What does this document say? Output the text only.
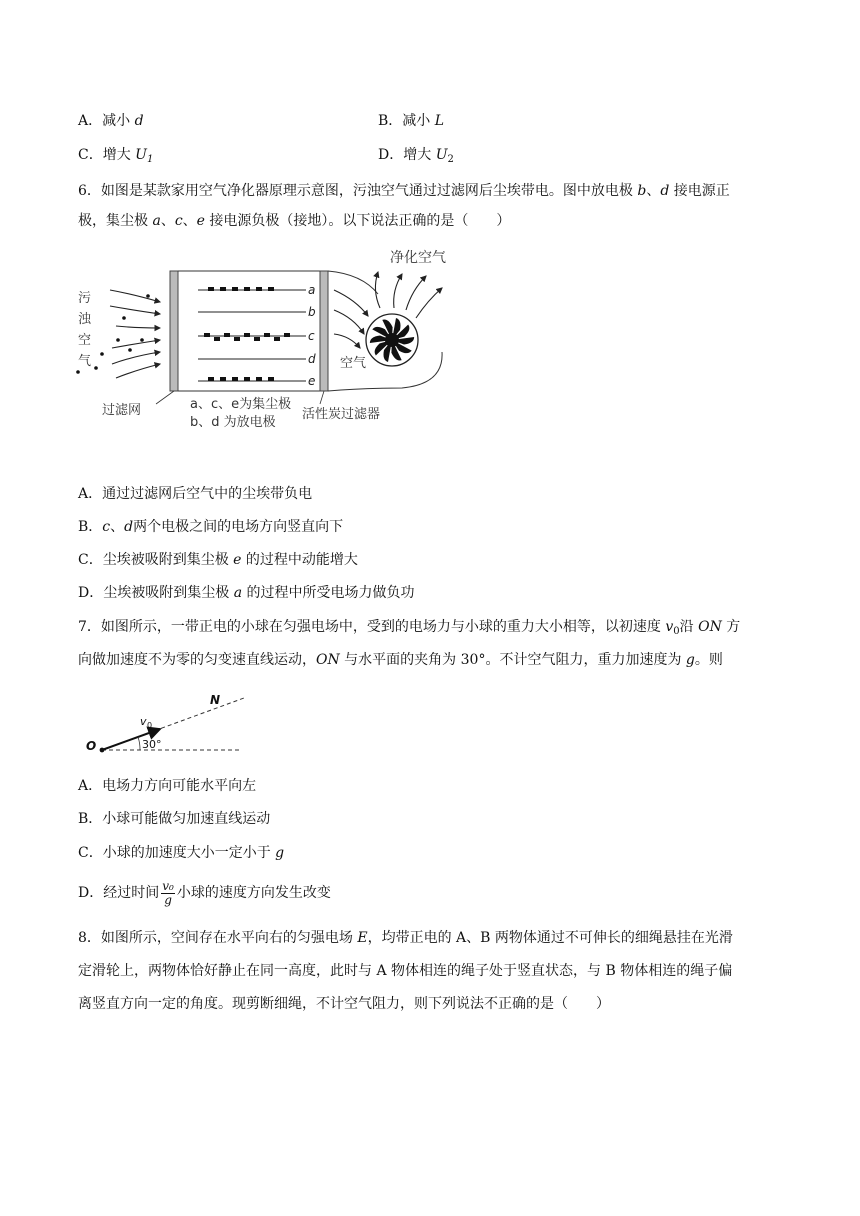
A．减小 d	B．减小 L
C．增大 $U_1$	D．增大 $U_2$
6．如图是某款家用空气净化器原理示意图，污浊空气通过过滤网后尘埃带电。图中放电极 b、d 接电源正
极，集尘极 a、c、e 接电源负极（接地）。以下说法正确的是（　　）
污
浊
空
气
a
b
c
d
e
净化空气
空气
过滤网	a、c、e为集尘极
b、d 为放电极
活性炭过滤器
A．通过过滤网后空气中的尘埃带负电
B．c、d两个电极之间的电场方向竖直向下
C．尘埃被吸附到集尘极 e 的过程中动能增大
D．尘埃被吸附到集尘极 a 的过程中所受电场力做负功
7．如图所示，一带正电的小球在匀强电场中，受到的电场力与小球的重力大小相等，以初速度 $v_0$沿 ON 方
向做加速度不为零的匀变速直线运动，ON 与水平面的夹角为 30°。不计空气阻力，重力加速度为 g。则
O
N
v 0
30°
A．电场力方向可能水平向左
B．小球可能做匀加速直线运动
C．小球的加速度大小一定小于 g
D．经过时间 $\frac{\text{v₀}}{g}$ 小球的速度方向发生改变
8．如图所示，空间存在水平向右的匀强电场 E，均带正电的 A、B 两物体通过不可伸长的细绳悬挂在光滑
定滑轮上，两物体恰好静止在同一高度，此时与 A 物体相连的绳子处于竖直状态，与 B 物体相连的绳子偏
离竖直方向一定的角度。现剪断细绳，不计空气阻力，则下列说法不正确的是（　　）
